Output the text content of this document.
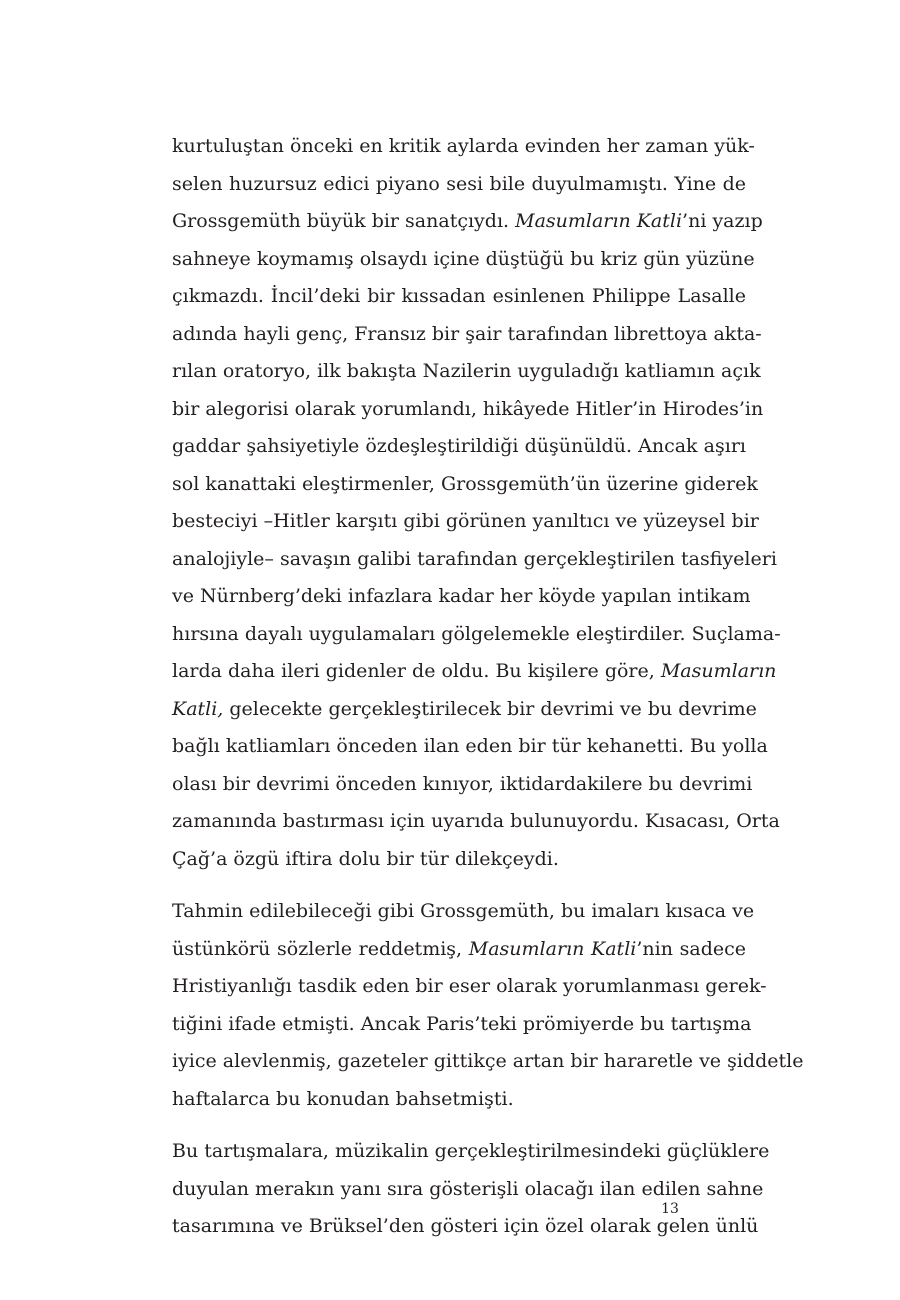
kurtuluştan önceki en kritik aylarda evinden her zaman yük-
selen huzursuz edici piyano sesi bile duyulmamıştı. Yine de
Grossgemüth büyük bir sanatçıydı. Masumların Katli’ni yazıp
sahneye koymamış olsaydı içine düştüğü bu kriz gün yüzüne
çıkmazdı. İncil’deki bir kıssadan esinlenen Philippe Lasalle
adında hayli genç, Fransız bir şair tarafından librettoya akta-
rılan oratoryo, ilk bakışta Nazilerin uyguladığı katliamın açık
bir alegorisi olarak yorumlandı, hikâyede Hitler’in Hirodes’in
gaddar şahsiyetiyle özdeşleştirildiği düşünüldü. Ancak aşırı
sol kanattaki eleştirmenler, Grossgemüth’ün üzerine giderek
besteciyi –Hitler karşıtı gibi görünen yanıltıcı ve yüzeysel bir
analojiyle– savaşın galibi tarafından gerçekleştirilen tasfiyeleri
ve Nürnberg’deki infazlara kadar her köyde yapılan intikam
hırsına dayalı uygulamaları gölgelemekle eleştirdiler. Suçlama-
larda daha ileri gidenler de oldu. Bu kişilere göre, Masumların
Katli, gelecekte gerçekleştirilecek bir devrimi ve bu devrime
bağlı katliamları önceden ilan eden bir tür kehanetti. Bu yolla
olası bir devrimi önceden kınıyor, iktidardakilere bu devrimi
zamanında bastırması için uyarıda bulunuyordu. Kısacası, Orta
Çağ’a özgü iftira dolu bir tür dilekçeydi.
Tahmin edilebileceği gibi Grossgemüth, bu imaları kısaca ve
üstünkörü sözlerle reddetmiş, Masumların Katli’nin sadece
Hristiyanlığı tasdik eden bir eser olarak yorumlanması gerek-
tiğini ifade etmişti. Ancak Paris’teki prömiyerde bu tartışma
iyice alevlenmiş, gazeteler gittikçe artan bir hararetle ve şiddetle
haftalarca bu konudan bahsetmişti.
Bu tartışmalara, müzikalin gerçekleştirilmesindeki güçlüklere
duyulan merakın yanı sıra gösterişli olacağı ilan edilen sahne
tasarımına ve Brüksel’den gösteri için özel olarak gelen ünlü
13
